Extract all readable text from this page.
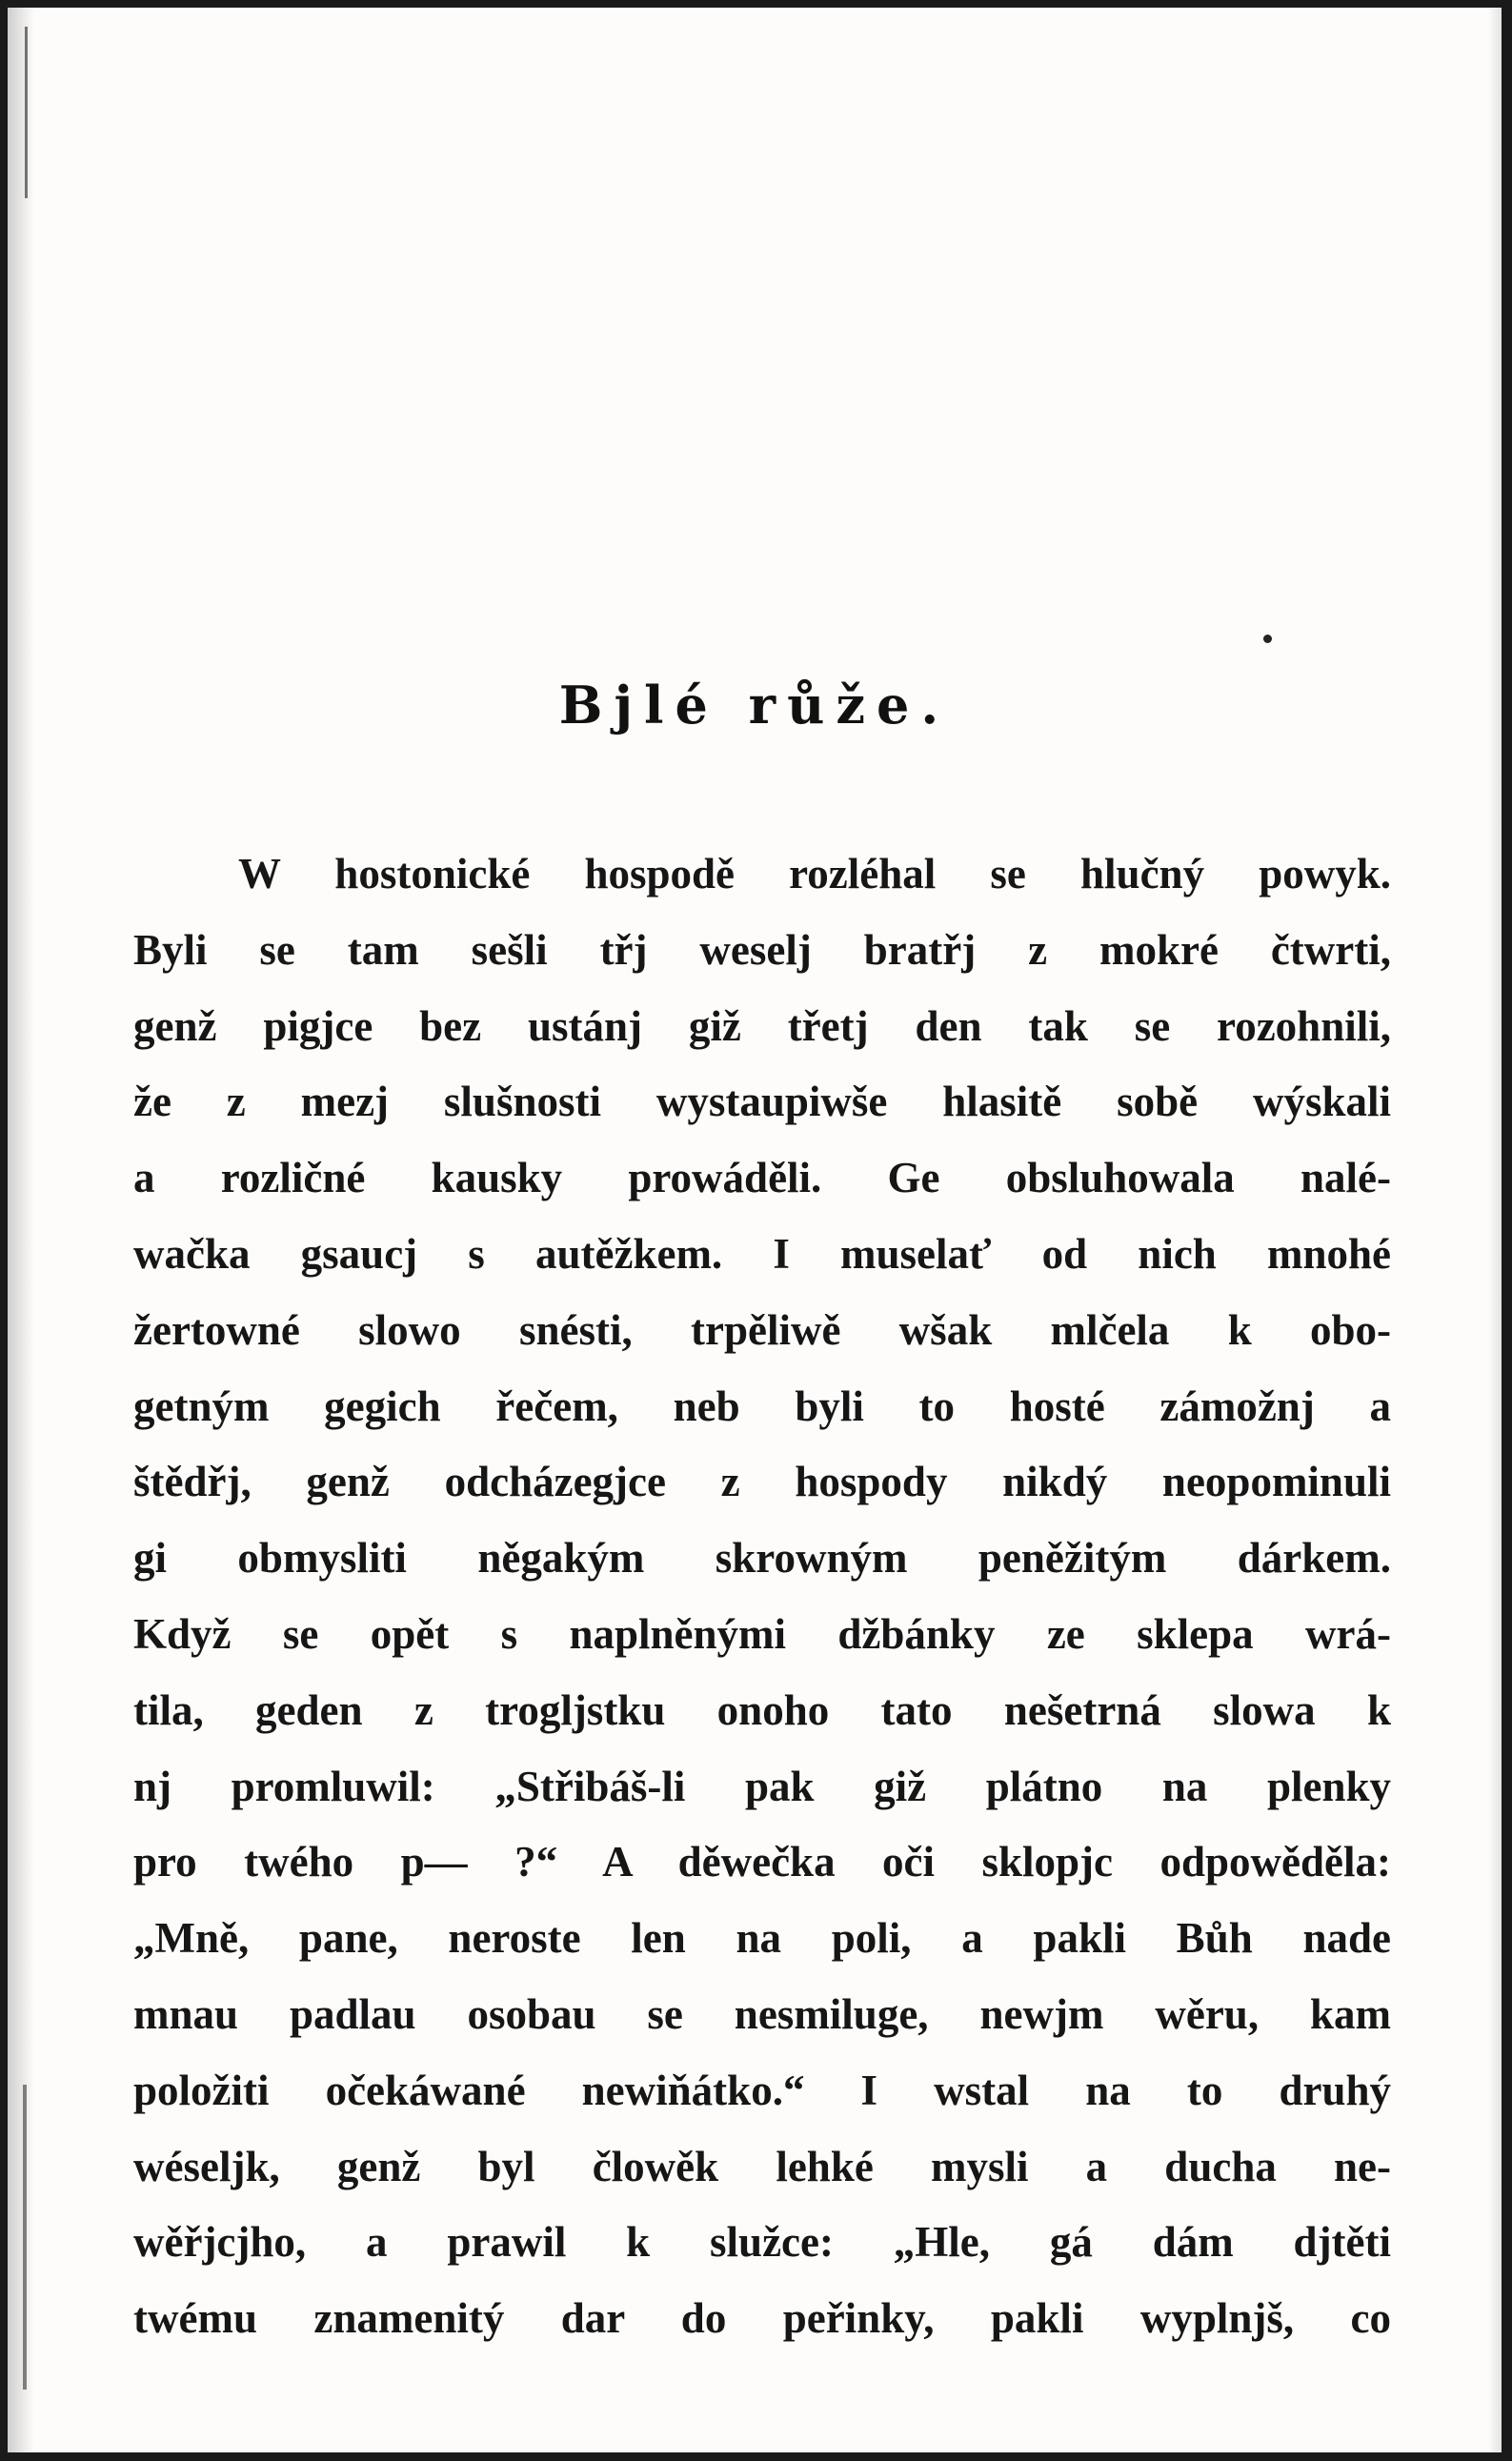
Bjlé růže.
W hostonické hospodě rozléhal se hlučný powyk.
Byli se tam sešli třj weselj bratřj z mokré čtwrti,
genž pigjce bez ustánj giž třetj den tak se rozohnili,
že z mezj slušnosti wystaupiwše hlasitě sobě wýskali
a rozličné kausky prowáděli. Ge obsluhowala nalé-
wačka gsaucj s autěžkem. I muselať od nich mnohé
žertowné slowo snésti, trpěliwě wšak mlčela k obo-
getným gegich řečem, neb byli to hosté zámožnj a
štědřj, genž odcházegjce z hospody nikdý neopominuli
gi obmysliti něgakým skrowným peněžitým dárkem.
Když se opět s naplněnými džbánky ze sklepa wrá-
tila, geden z trogljstku onoho tato nešetrná slowa k
nj promluwil: „Střibáš-li pak giž plátno na plenky
pro twého p— ?“ A děwečka oči sklopjc odpowěděla:
„Mně, pane, neroste len na poli, a pakli Bůh nade
mnau padlau osobau se nesmiluge, newjm wěru, kam
položiti očekáwané newiňátko.“ I wstal na to druhý
wéseljk, genž byl člowěk lehké mysli a ducha ne-
wěřjcjho, a prawil k služce: „Hle, gá dám djtěti
twému znamenitý dar do peřinky, pakli wyplnjš, co
